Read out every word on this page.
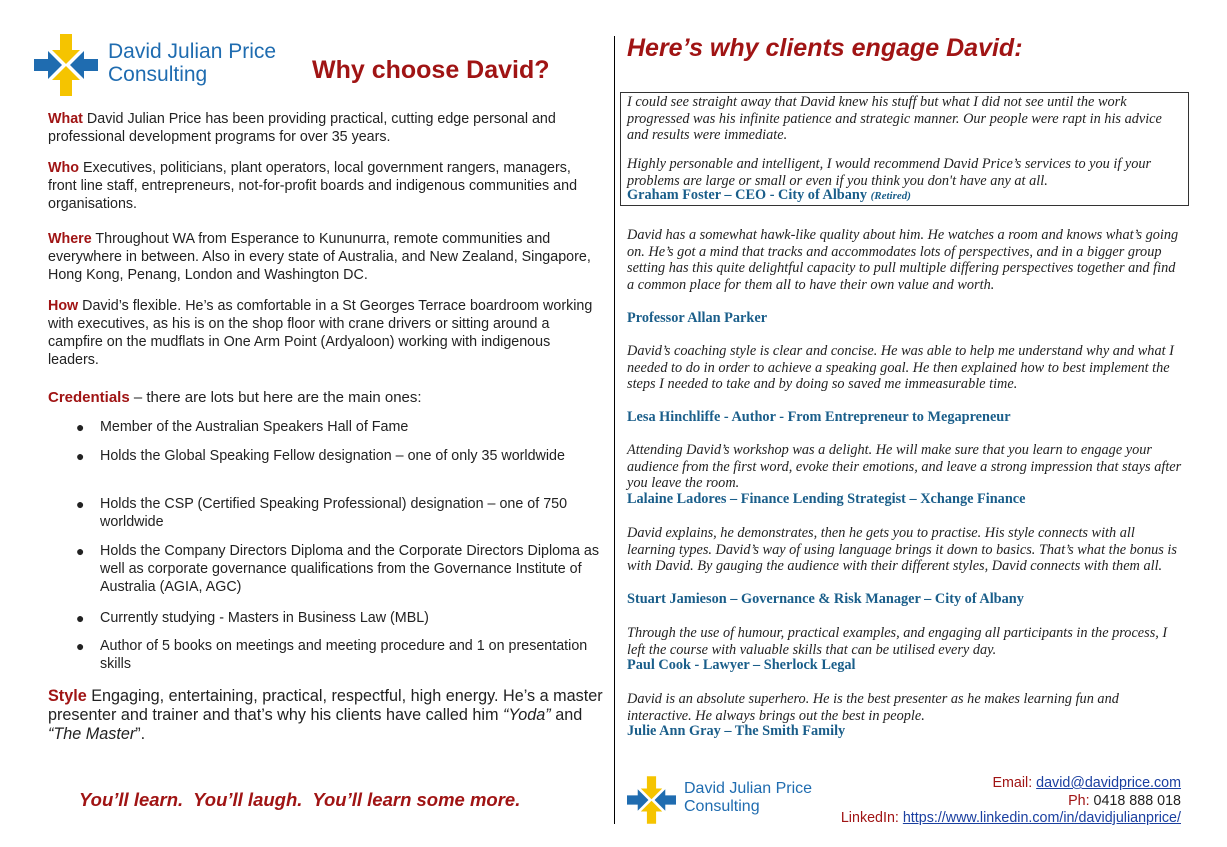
David Julian Price
Consulting	Why choose David?
What David Julian Price has been providing practical, cutting edge personal and professional development programs for over 35 years.
Who Executives, politicians, plant operators, local government rangers, managers, front line staff, entrepreneurs, not-for-profit boards and indigenous communities and organisations.
Where Throughout WA from Esperance to Kununurra, remote communities and everywhere in between. Also in every state of Australia, and New Zealand, Singapore, Hong Kong, Penang, London and Washington DC.
How David’s flexible. He’s as comfortable in a St Georges Terrace boardroom working with executives, as his is on the shop floor with crane drivers or sitting around a campfire on the mudflats in One Arm Point (Ardyaloon) working with indigenous leaders.
Credentials – there are lots but here are the main ones:
● Member of the Australian Speakers Hall of Fame
● Holds the Global Speaking Fellow designation – one of only 35 worldwide
● Holds the CSP (Certified Speaking Professional) designation – one of 750 worldwide
● Holds the Company Directors Diploma and the Corporate Directors Diploma as well as corporate governance qualifications from the Governance Institute of Australia (AGIA, AGC)
● Currently studying - Masters in Business Law (MBL)
● Author of 5 books on meetings and meeting procedure and 1 on presentation skills
Style Engaging, entertaining, practical, respectful, high energy. He’s a master presenter and trainer and that’s why his clients have called him “Yoda” and “The Master”.
You’ll learn.  You’ll laugh.  You’ll learn some more.
Here’s why clients engage David:
I could see straight away that David knew his stuff but what I did not see until the work progressed was his infinite patience and strategic manner. Our people were rapt in his advice and results were immediate.
Highly personable and intelligent, I would recommend David Price’s services to you if your problems are large or small or even if you think you don't have any at all.
Graham Foster – CEO - City of Albany (Retired)
David has a somewhat hawk-like quality about him. He watches a room and knows what’s going on. He’s got a mind that tracks and accommodates lots of perspectives, and in a bigger group setting has this quite delightful capacity to pull multiple differing perspectives together and find a common place for them all to have their own value and worth.
Professor Allan Parker
David’s coaching style is clear and concise. He was able to help me understand why and what I needed to do in order to achieve a speaking goal. He then explained how to best implement the steps I needed to take and by doing so saved me immeasurable time.
Lesa Hinchliffe - Author - From Entrepreneur to Megapreneur
Attending David’s workshop was a delight. He will make sure that you learn to engage your audience from the first word, evoke their emotions, and leave a strong impression that stays after you leave the room.
Lalaine Ladores – Finance Lending Strategist – Xchange Finance
David explains, he demonstrates, then he gets you to practise. His style connects with all learning types. David’s way of using language brings it down to basics. That’s what the bonus is with David. By gauging the audience with their different styles, David connects with them all.
Stuart Jamieson – Governance & Risk Manager – City of Albany
Through the use of humour, practical examples, and engaging all participants in the process, I left the course with valuable skills that can be utilised every day.
Paul Cook - Lawyer – Sherlock Legal
David is an absolute superhero. He is the best presenter as he makes learning fun and interactive. He always brings out the best in people.
Julie Ann Gray – The Smith Family
David Julian Price
Consulting
Email: david@davidprice.com
Ph: 0418 888 018
LinkedIn: https://www.linkedin.com/in/davidjulianprice/
